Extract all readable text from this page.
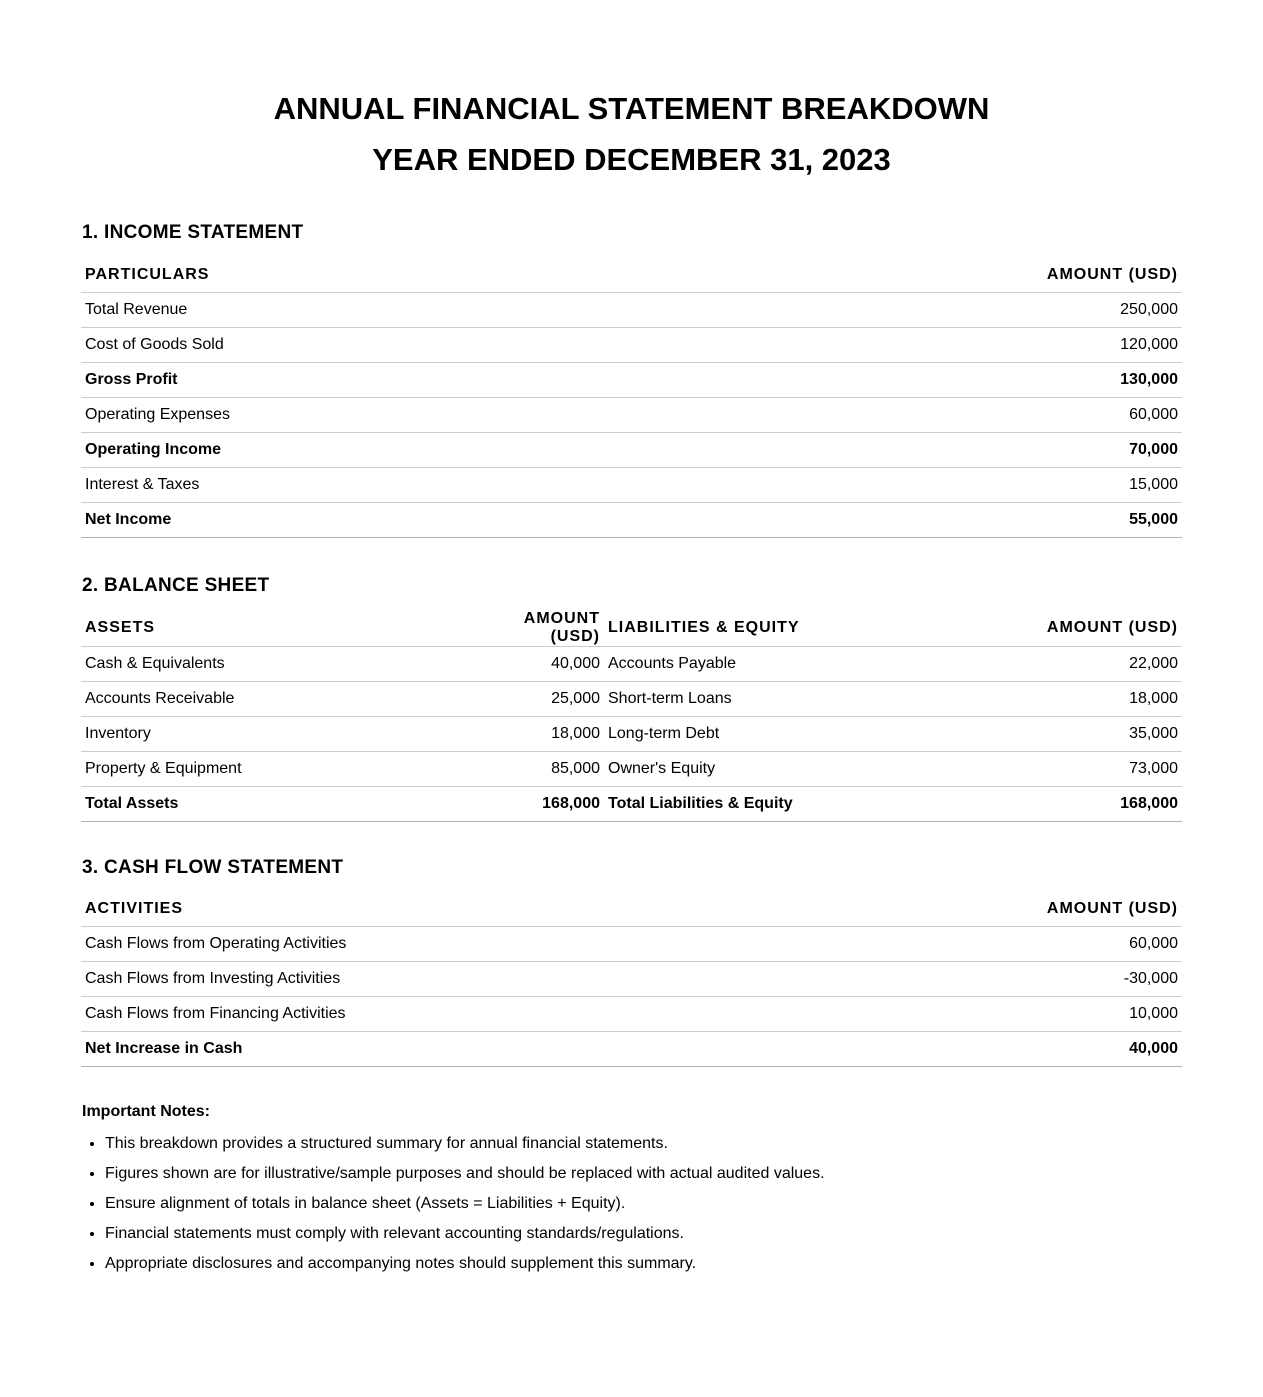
ANNUAL FINANCIAL STATEMENT BREAKDOWN
YEAR ENDED DECEMBER 31, 2023
1. INCOME STATEMENT
PARTICULARS	AMOUNT (USD)
Total Revenue	250,000
Cost of Goods Sold	120,000
Gross Profit	130,000
Operating Expenses	60,000
Operating Income	70,000
Interest & Taxes	15,000
Net Income	55,000
2. BALANCE SHEET
ASSETS	AMOUNT (USD)	LIABILITIES & EQUITY	AMOUNT (USD)
Cash & Equivalents	40,000	Accounts Payable	22,000
Accounts Receivable	25,000	Short-term Loans	18,000
Inventory	18,000	Long-term Debt	35,000
Property & Equipment	85,000	Owner's Equity	73,000
Total Assets	168,000	Total Liabilities & Equity	168,000
3. CASH FLOW STATEMENT
ACTIVITIES	AMOUNT (USD)
Cash Flows from Operating Activities	60,000
Cash Flows from Investing Activities	-30,000
Cash Flows from Financing Activities	10,000
Net Increase in Cash	40,000

Important Notes:

• This breakdown provides a structured summary for annual financial statements.
• Figures shown are for illustrative/sample purposes and should be replaced with actual audited values.
• Ensure alignment of totals in balance sheet (Assets = Liabilities + Equity).
• Financial statements must comply with relevant accounting standards/regulations.
• Appropriate disclosures and accompanying notes should supplement this summary.
